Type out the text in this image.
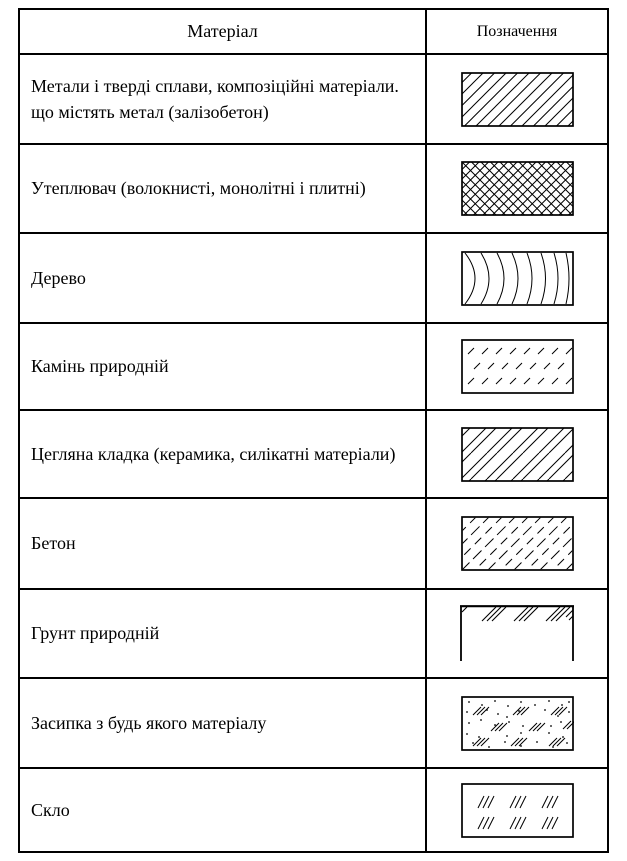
Матеріал	Позначення
Метали і тверді сплави, композіційні матеріали. що містять метал (залізобетон)
Утеплювач (волокнисті, монолітні і плитні)
Дерево
Камінь природній
Цегляна кладка (керамика, силікатні матеріали)
Бетон
Грунт природній
Засипка з будь якого матеріалу
Скло
